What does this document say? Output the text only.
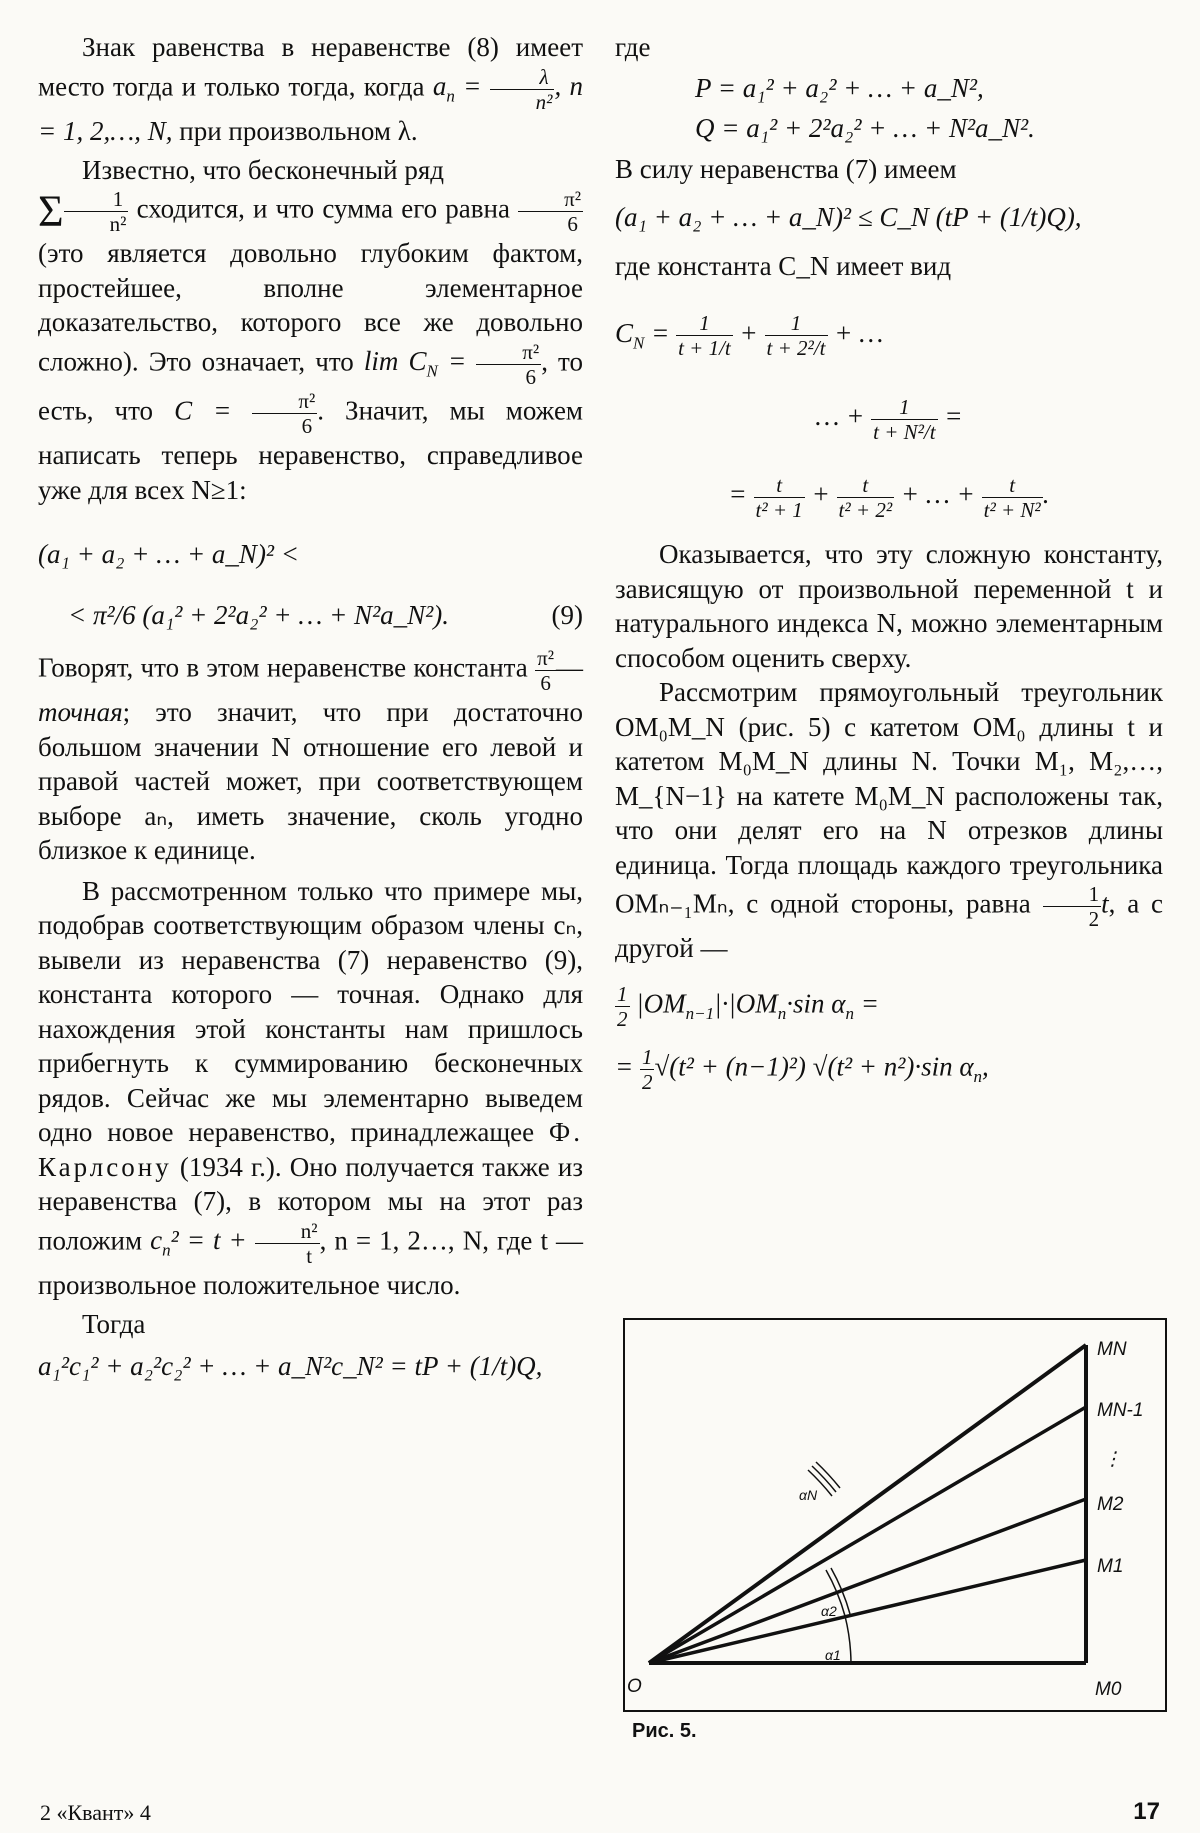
Знак равенства в неравенстве (8) имеет место тогда и только тогда, когда $a_n = \frac{\lambda}{\text{n²}}$ , n = 1, 2,…, N, при произвольном λ.

Известно, что бесконечный ряд
Σ $\frac{1}{\text{n²}}$ сходится, и что сумма его равна $\frac{\text{π²}}{6}$
(это является довольно глубоким фактом, простейшее, вполне элементарное доказательство, которого все же довольно сложно). Это означает, что $\lim C_N = \frac{\text{π²}}{6}$ , то есть, что $C = \frac{\text{π²}}{6}$ . Значит, мы можем написать теперь неравенство, справедливое уже для всех N≥1:

(a₁ + a₂ + … + a_N)² <
< π²/6 (a₁² + 2²a₂² + … + N²a_N²).	(9)

Говорят, что в этом неравенстве константа $\frac{\text{π²}}{6}$ —точная; это значит, что при достаточно большом значении N отношение его левой и правой частей может, при соответствующем выборе aₙ, иметь значение, сколь угодно близкое к единице.

В рассмотренном только что примере мы, подобрав соответствующим образом члены cₙ, вывели из неравенства (7) неравенство (9), константа которого — точная. Однако для нахождения этой константы нам пришлось прибегнуть к суммированию бесконечных рядов. Сейчас же мы элементарно выведем одно новое неравенство, принадлежащее Ф. Карлсону (1934 г.). Оно получается также из неравенства (7), в котором мы на этот раз положим $c_n^2 = t + \frac{\text{n²}}{t}$ , n = 1, 2…, N, где t — произвольное положительное число.

Тогда

a₁²c₁² + a₂²c₂² + … + a_N²c_N² = tP + (1/t)Q,
где
P = a₁² + a₂² + … + a_N²,
Q = a₁² + 2²a₂² + … + N²a_N².

В силу неравенства (7) имеем

(a₁ + a₂ + … + a_N)² ≤ C_N (tP + (1/t)Q),

где константа C_N имеет вид

$C_N = \frac{1}{t + 1/t} + \frac{1}{\text{t + 2²/t}}$ + …
… + $\frac{1}{\text{t + N²/t}}$ =
= $\frac{t}{\text{t² + 1}} + \frac{t}{\text{t² + 2²}}$ + … + $\frac{t}{\text{t² + N²}}$ .

Оказывается, что эту сложную константу, зависящую от произвольной переменной t и натурального индекса N, можно элементарным способом оценить сверху.

Рассмотрим прямоугольный треугольник OM₀M_N (рис. 5) с катетом OM₀ длины t и катетом M₀M_N длины N. Точки M₁, M₂,…, M_{N−1} на катете M₀M_N расположены так, что они делят его на N отрезков длины единица. Тогда площадь каждого треугольника OMₙ₋₁Mₙ, с одной стороны, равна $\frac{1}{2} t$, а с другой —

$\frac{1}{2} |OM_{n-1}|\cdot|OM_n\cdot\sin$ $\alpha_n$ =
= $\frac{1}{2} √(t^2 + (n-1)^2) √(t^2 + n^2)\cdot\sin$ $\alpha_n$,
O	M0
M1
M2
⋮
MN-1
MN
α1
α2
αN
Рис. 5.
2 «Квант» 4	17
